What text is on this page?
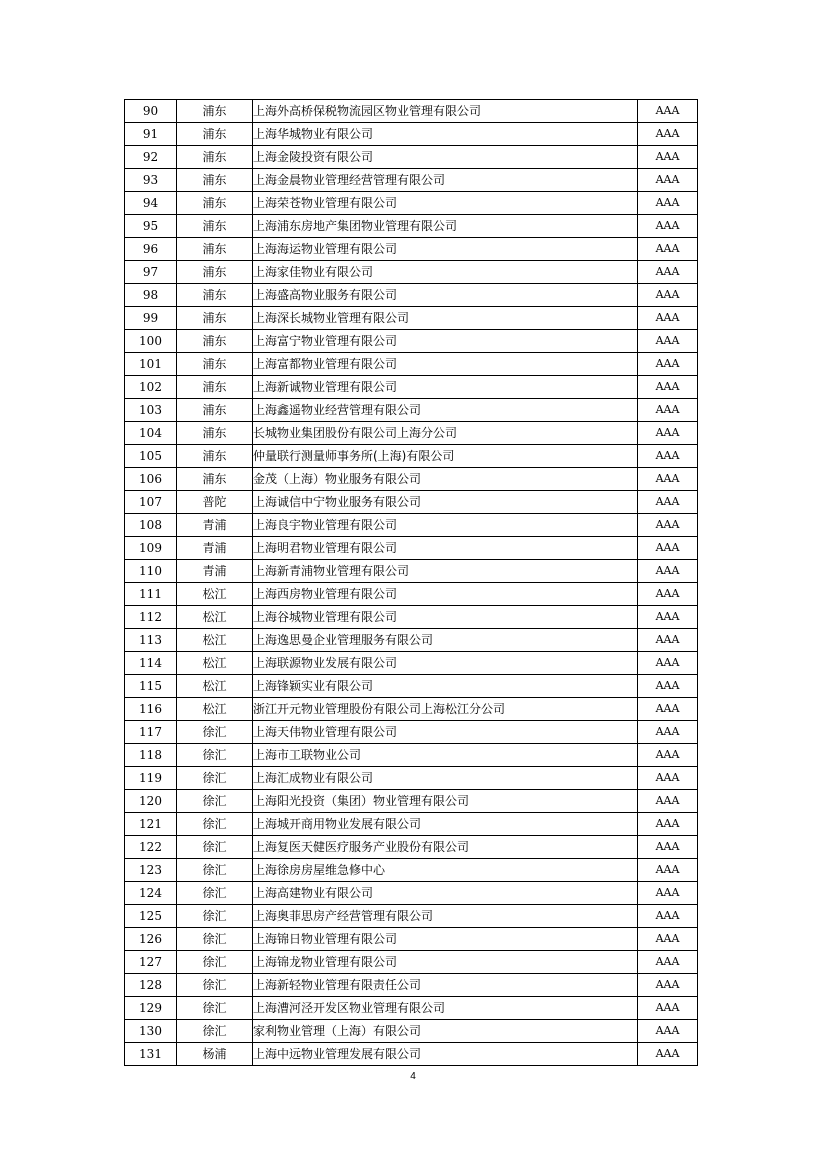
90	浦东	上海外高桥保税物流园区物业管理有限公司	AAA
91	浦东	上海华城物业有限公司	AAA
92	浦东	上海金陵投资有限公司	AAA
93	浦东	上海金晨物业管理经营管理有限公司	AAA
94	浦东	上海荣苍物业管理有限公司	AAA
95	浦东	上海浦东房地产集团物业管理有限公司	AAA
96	浦东	上海海运物业管理有限公司	AAA
97	浦东	上海家佳物业有限公司	AAA
98	浦东	上海盛高物业服务有限公司	AAA
99	浦东	上海深长城物业管理有限公司	AAA
100	浦东	上海富宁物业管理有限公司	AAA
101	浦东	上海富都物业管理有限公司	AAA
102	浦东	上海新诚物业管理有限公司	AAA
103	浦东	上海鑫遥物业经营管理有限公司	AAA
104	浦东	长城物业集团股份有限公司上海分公司	AAA
105	浦东	仲量联行测量师事务所(上海)有限公司	AAA
106	浦东	金茂（上海）物业服务有限公司	AAA
107	普陀	上海诚信中宁物业服务有限公司	AAA
108	青浦	上海良宇物业管理有限公司	AAA
109	青浦	上海明君物业管理有限公司	AAA
110	青浦	上海新青浦物业管理有限公司	AAA
111	松江	上海西房物业管理有限公司	AAA
112	松江	上海谷城物业管理有限公司	AAA
113	松江	上海逸思曼企业管理服务有限公司	AAA
114	松江	上海联源物业发展有限公司	AAA
115	松江	上海锋颖实业有限公司	AAA
116	松江	浙江开元物业管理股份有限公司上海松江分公司	AAA
117	徐汇	上海天伟物业管理有限公司	AAA
118	徐汇	上海市工联物业公司	AAA
119	徐汇	上海汇成物业有限公司	AAA
120	徐汇	上海阳光投资（集团）物业管理有限公司	AAA
121	徐汇	上海城开商用物业发展有限公司	AAA
122	徐汇	上海复医天健医疗服务产业股份有限公司	AAA
123	徐汇	上海徐房房屋维急修中心	AAA
124	徐汇	上海高建物业有限公司	AAA
125	徐汇	上海奥菲思房产经营管理有限公司	AAA
126	徐汇	上海锦日物业管理有限公司	AAA
127	徐汇	上海锦龙物业管理有限公司	AAA
128	徐汇	上海新轻物业管理有限责任公司	AAA
129	徐汇	上海漕河泾开发区物业管理有限公司	AAA
130	徐汇	家利物业管理（上海）有限公司	AAA
131	杨浦	上海中远物业管理发展有限公司	AAA
4
